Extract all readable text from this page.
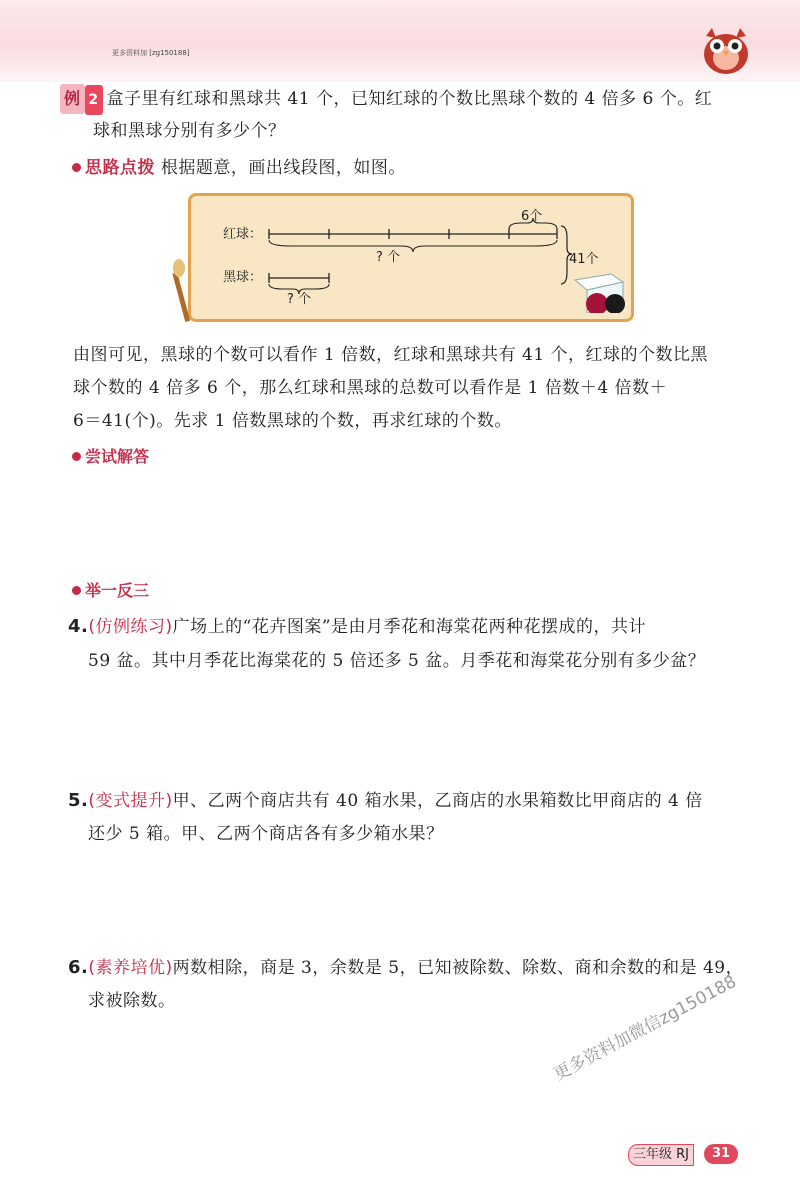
更多资料加 [zg150188]
例 2 盒子里有红球和黑球共 41 个，已知红球的个数比黑球个数的 4 倍多 6 个。红
球和黑球分别有多少个？
思路点拨 根据题意，画出线段图，如图。
红球：
黑球：
6个
? 个
? 个
41个
由图可见，黑球的个数可以看作 1 倍数，红球和黑球共有 41 个，红球的个数比黑
球个数的 4 倍多 6 个，那么红球和黑球的总数可以看作是 1 倍数＋4 倍数＋
6＝41(个)。先求 1 倍数黑球的个数，再求红球的个数。
尝试解答
举一反三
4.(仿例练习)广场上的“花卉图案”是由月季花和海棠花两种花摆成的，共计
59 盆。其中月季花比海棠花的 5 倍还多 5 盆。月季花和海棠花分别有多少盆？
5.(变式提升)甲、乙两个商店共有 40 箱水果，乙商店的水果箱数比甲商店的 4 倍
还少 5 箱。甲、乙两个商店各有多少箱水果？
6.(素养培优)两数相除，商是 3，余数是 5，已知被除数、除数、商和余数的和是 49，
求被除数。	更多资料加微信zg150188
三年级 RJ	31
